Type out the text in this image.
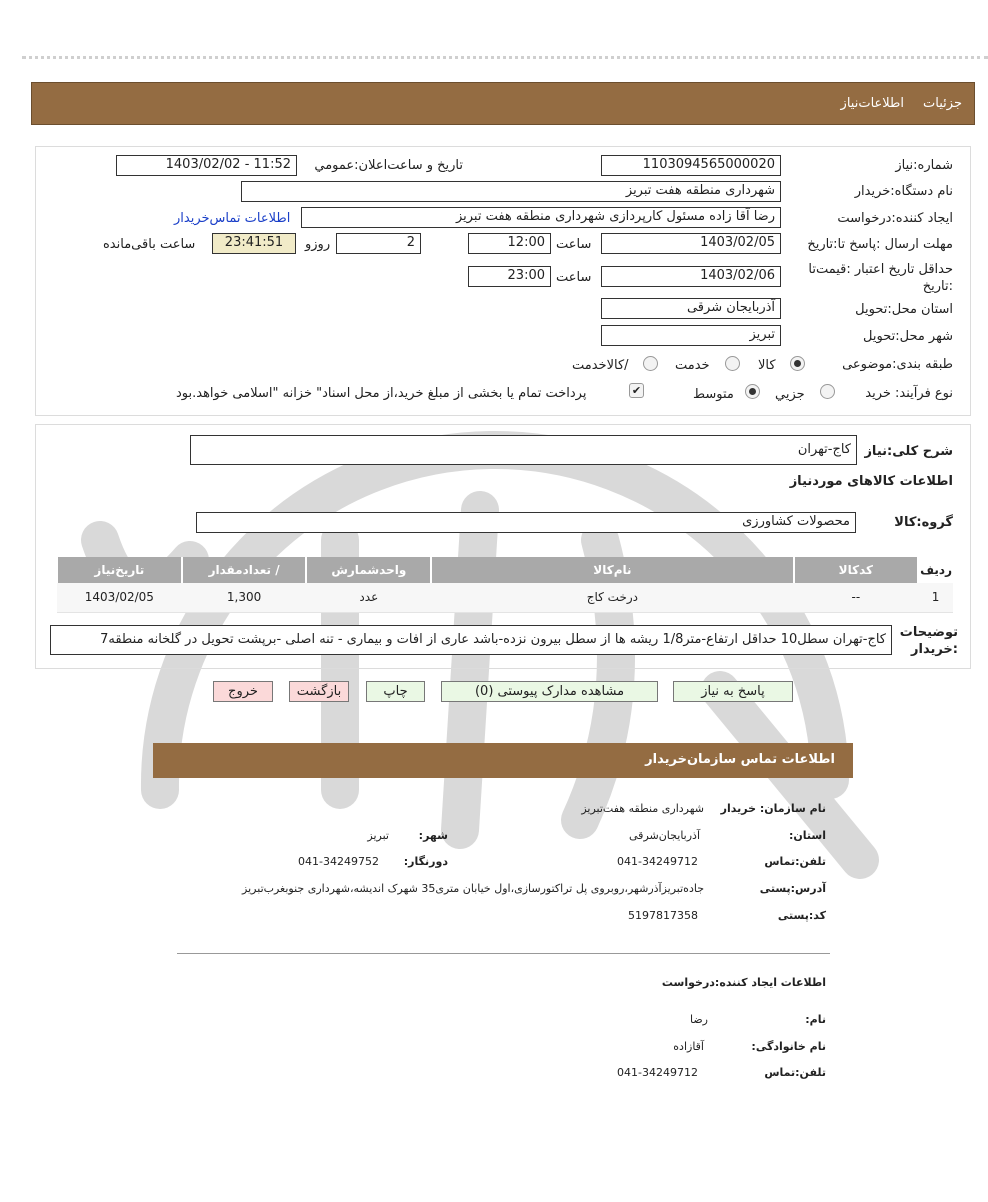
جزئیات
اطلاعات‌نیاز
شماره:نیاز
1103094565000020
تاریخ و ساعت‌اعلان:عمومي
1403/02/02 - 11:52
نام دستگاه:خریدار
شهرداری منطقه هفت تبریز
ایجاد کننده:درخواست
رضا آقا زاده مسئول کارپردازی شهرداری منطقه هفت تبریز
اطلاعات تماس‌خریدار
مهلت ارسال :پاسخ تا:تاریخ
1403/02/05
ساعت
12:00
2
روزو
23:41:51
ساعت باقی‌مانده
حداقل تاریخ اعتبار :قیمت‌تا
:تاریخ
1403/02/06
ساعت
23:00
استان محل:تحویل
آذربایجان شرقی
شهر محل:تحویل
تبریز
طبقه بندی:موضوعی
کالا
خدمت
/کالاخدمت
نوع فرآیند: خرید
جزیي
متوسط
✔
پرداخت تمام یا بخشی از مبلغ خرید،از محل اسناد" خزانه "اسلامی خواهد.بود
شرح کلی:نیاز
کاج-تهران
اطلاعات کالاهای موردنیاز
گروه:کالا
محصولات کشاورزی
ردیف	کدکالا	نام‌کالا	واحدشمارش	/ تعدادمقدار	تاریخ‌نیاز
1	--	درخت کاج	عدد	1,300	1403/02/05
توضیحات
:خریدار
کاج-تهران سطل10 حداقل ارتفاع-متر1/8 ریشه ها از سطل بیرون نزده-باشد عاری از افات و بیماری - تنه اصلی -برپشت تحویل در گلخانه منطقه7
پاسخ به نیاز
مشاهده مدارک پیوستی (0)
چاپ
بازگشت
خروج
اطلاعات تماس سازمان‌خریدار
نام سازمان: خریدار
شهرداری منطقه هفت‌تبریز
استان:
آذربایجان‌شرقی
شهر:
تبریز
تلفن:تماس
041-34249712
دورنگار:
041-34249752
آدرس:پستی
جاده‌تبریزآذرشهر،روبروی پل تراکتورسازی،اول خیابان متری35 شهرک اندیشه،شهرداری جنوبغرب‌تبریز
کد:پستی
5197817358
اطلاعات ایجاد کننده:درخواست
نام:
رضا
نام خانوادگی:
آقازاده
تلفن:تماس
041-34249712
